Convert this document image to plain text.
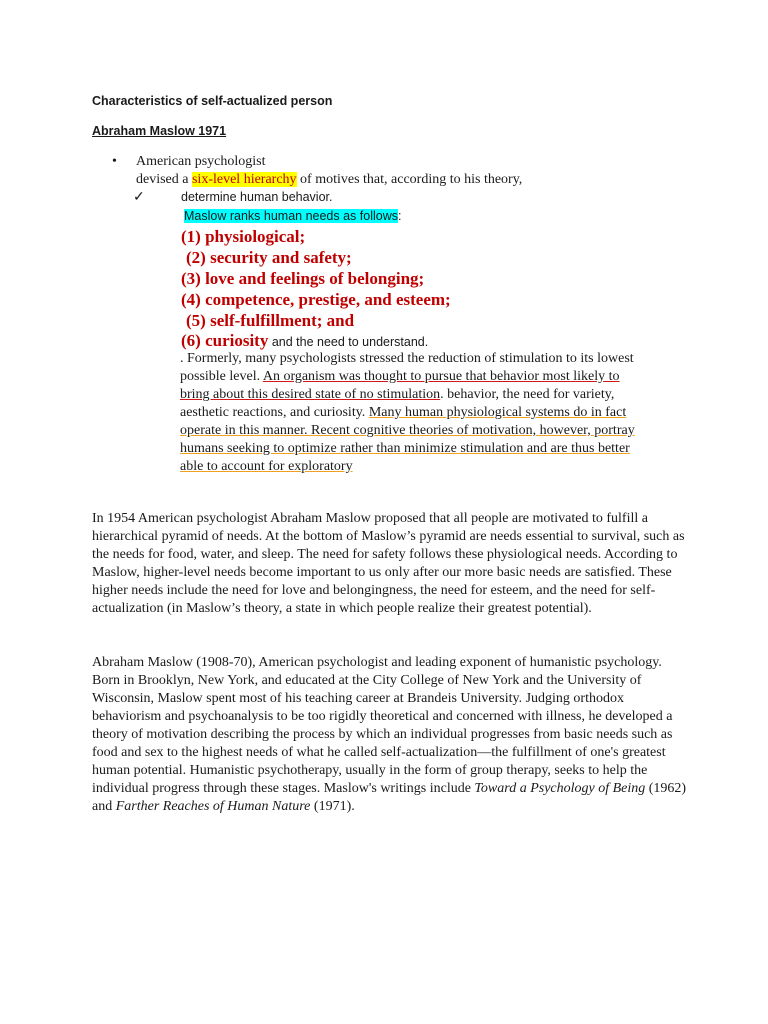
Characteristics of self-actualized person
Abraham Maslow 1971
• American psychologist
devised a six-level hierarchy of motives that, according to his theory,
✓	determine human behavior.
Maslow ranks human needs as follows:
(1) physiological;
(2) security and safety;
(3) love and feelings of belonging;
(4) competence, prestige, and esteem;
(5) self-fulfillment; and
(6) curiosity and the need to understand.
. Formerly, many psychologists stressed the reduction of stimulation to its lowest
possible level. An organism was thought to pursue that behavior most likely to
bring about this desired state of no stimulation. behavior, the need for variety,
aesthetic reactions, and curiosity. Many human physiological systems do in fact
operate in this manner. Recent cognitive theories of motivation, however, portray
humans seeking to optimize rather than minimize stimulation and are thus better
able to account for exploratory
In 1954 American psychologist Abraham Maslow proposed that all people are motivated to fulfill a hierarchical pyramid of needs. At the bottom of Maslow’s pyramid are needs essential to survival, such as the needs for food, water, and sleep. The need for safety follows these physiological needs. According to Maslow, higher-level needs become important to us only after our more basic needs are satisfied. These higher needs include the need for love and belongingness, the need for esteem, and the need for self-actualization (in Maslow’s theory, a state in which people realize their greatest potential).
Abraham Maslow (1908-70), American psychologist and leading exponent of humanistic psychology. Born in Brooklyn, New York, and educated at the City College of New York and the University of Wisconsin, Maslow spent most of his teaching career at Brandeis University. Judging orthodox behaviorism and psychoanalysis to be too rigidly theoretical and concerned with illness, he developed a theory of motivation describing the process by which an individual progresses from basic needs such as food and sex to the highest needs of what he called self-actualization—the fulfillment of one's greatest human potential. Humanistic psychotherapy, usually in the form of group therapy, seeks to help the individual progress through these stages. Maslow's writings include Toward a Psychology of Being (1962) and Farther Reaches of Human Nature (1971).
